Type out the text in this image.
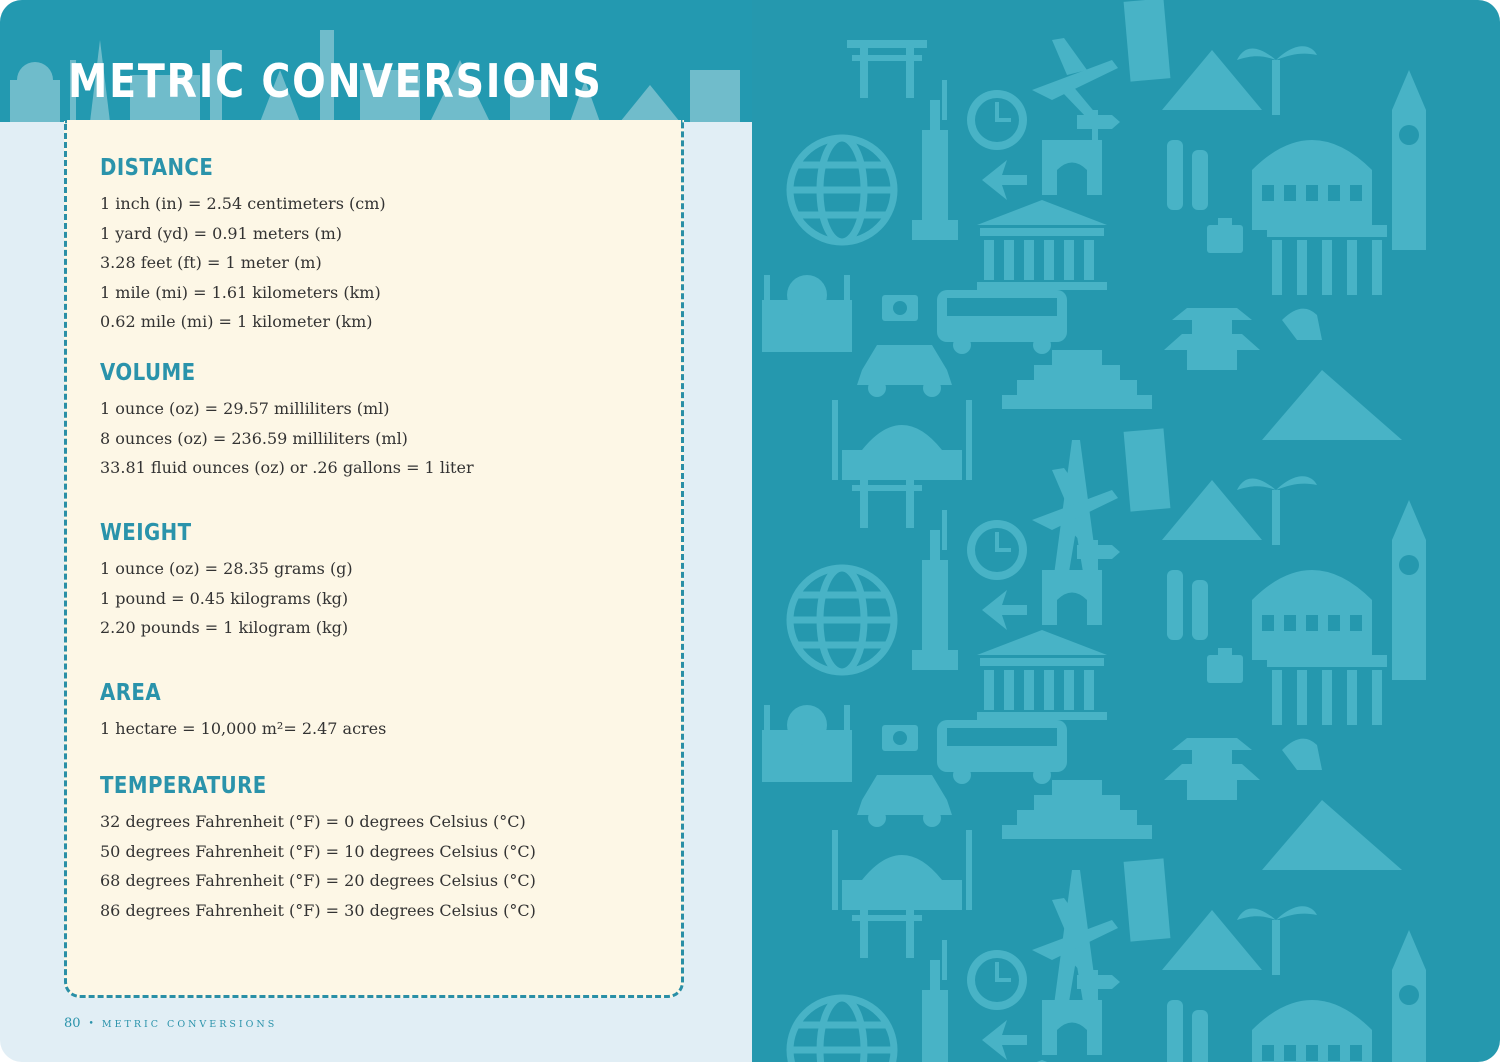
METRIC CONVERSIONS
DISTANCE
1 inch (in) = 2.54 centimeters (cm)
1 yard (yd) = 0.91 meters (m)
3.28 feet (ft) = 1 meter (m)
1 mile (mi) = 1.61 kilometers (km)
0.62 mile (mi) = 1 kilometer (km)
VOLUME
1 ounce (oz) = 29.57 milliliters (ml)
8 ounces (oz) = 236.59 milliliters (ml)
33.81 fluid ounces (oz) or .26 gallons = 1 liter
WEIGHT
1 ounce (oz) = 28.35 grams (g)
1 pound = 0.45 kilograms (kg)
2.20 pounds = 1 kilogram (kg)
AREA
1 hectare = 10,000 m²= 2.47 acres
TEMPERATURE
32 degrees Fahrenheit (°F) = 0 degrees Celsius (°C)
50 degrees Fahrenheit (°F) = 10 degrees Celsius (°C)
68 degrees Fahrenheit (°F) = 20 degrees Celsius (°C)
86 degrees Fahrenheit (°F) = 30 degrees Celsius (°C)
80 • METRIC CONVERSIONS
